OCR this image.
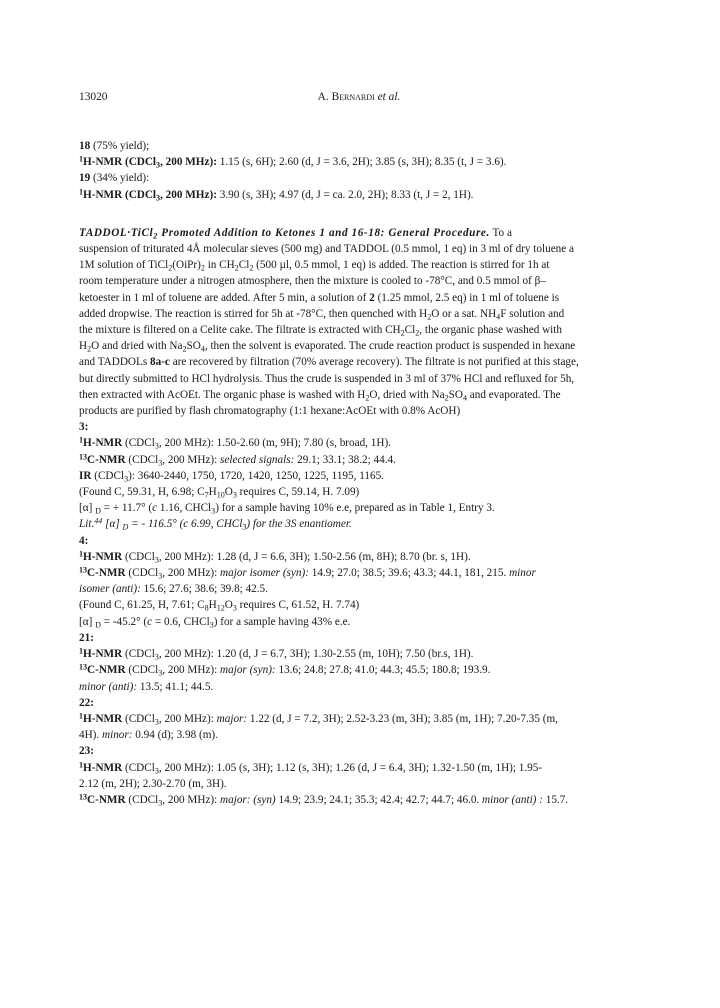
13020	A. Bernardi et al.
18 (75% yield);
$^1$H-NMR (CDCl$_3$, 200 MHz): 1.15 (s, 6H); 2.60 (d, J = 3.6, 2H); 3.85 (s, 3H); 8.35 (t, J = 3.6).
19 (34% yield):
$^1$H-NMR (CDCl$_3$, 200 MHz): 3.90 (s, 3H); 4.97 (d, J = ca. 2.0, 2H); 8.33 (t, J = 2, 1H).
TADDOL·TiCl$_2$ Promoted Addition to Ketones 1 and 16-18: General Procedure. To a
suspension of triturated 4Å molecular sieves (500 mg) and TADDOL (0.5 mmol, 1 eq) in 3 ml of dry toluene a
1M solution of $TiCl_2(OiPr)_2$ in $CH_2Cl_2$ (500 µl, 0.5 mmol, 1 eq) is added. The reaction is stirred for 1h at
room temperature under a nitrogen atmosphere, then the mixture is cooled to -78°C, and 0.5 mmol of β–
ketoester in 1 ml of toluene are added. After 5 min, a solution of 2 (1.25 mmol, 2.5 eq) in 1 ml of toluene is
added dropwise. The reaction is stirred for 5h at -78°C, then quenched with $H_2O$ or a sat. $NH_4F$ solution and
the mixture is filtered on a Celite cake. The filtrate is extracted with $CH_2Cl_2$, the organic phase washed with
$H_2O$ and dried with $Na_2SO_4$, then the solvent is evaporated. The crude reaction product is suspended in hexane
and TADDOLs 8a-c are recovered by filtration (70% average recovery). The filtrate is not purified at this stage,
but directly submitted to HCl hydrolysis. Thus the crude is suspended in 3 ml of 37% HCl and refluxed for 5h,
then extracted with AcOEt. The organic phase is washed with $H_2O$, dried with $Na_2SO_4$ and evaporated. The
products are purified by flash chromatography (1:1 hexane:AcOEt with 0.8% AcOH)
3:
$^1$H-NMR (CDCl$_3$, 200 MHz): 1.50-2.60 (m, 9H); 7.80 (s, broad, 1H).
$^{13}$C-NMR (CDCl$_3$, 200 MHz): selected signals: 29.1; 33.1; 38.2; 44.4.
IR (CDCl$_3$): 3640-2440, 1750, 1720, 1420, 1250, 1225, 1195, 1165.
(Found C, 59.31, H, 6.98; $C_7H_{10}O_3$ requires C, 59.14, H. 7.09)
[α] $_D$ = + 11.7° (c 1.16, CHCl$_3$) for a sample having 10% e.e, prepared as in Table 1, Entry 3.
Lit.$^{44}$ [α] $_D$ = - 116.5° (c 6.99, CHCl$_3$) for the 3S enantiomer.
4:
$^1$H-NMR (CDCl$_3$, 200 MHz): 1.28 (d, J = 6.6, 3H); 1.50-2.56 (m, 8H); 8.70 (br. s, 1H).
$^{13}$C-NMR (CDCl$_3$, 200 MHz): major isomer (syn): 14.9; 27.0; 38.5; 39.6; 43.3; 44.1, 181, 215. minor
isomer (anti): 15.6; 27.6; 38.6; 39.8; 42.5.
(Found C, 61.25, H, 7.61; $C_8H_{12}O_3$ requires C, 61.52, H. 7.74)
[α] $_D$ = -45.2° (c = 0.6, CHCl$_3$) for a sample having 43% e.e.
21:
$^1$H-NMR (CDCl$_3$, 200 MHz): 1.20 (d, J = 6.7, 3H); 1.30-2.55 (m, 10H); 7.50 (br.s, 1H).
$^{13}$C-NMR (CDCl$_3$, 200 MHz): major (syn): 13.6; 24.8; 27.8; 41.0; 44.3; 45.5; 180.8; 193.9.
minor (anti): 13.5; 41.1; 44.5.
22:
$^1$H-NMR (CDCl$_3$, 200 MHz): major: 1.22 (d, J = 7.2, 3H); 2.52-3.23 (m, 3H); 3.85 (m, 1H); 7.20-7.35 (m,
4H). minor: 0.94 (d); 3.98 (m).
23:
$^1$H-NMR (CDCl$_3$, 200 MHz): 1.05 (s, 3H); 1.12 (s, 3H); 1.26 (d, J = 6.4, 3H); 1.32-1.50 (m, 1H); 1.95-
2.12 (m, 2H); 2.30-2.70 (m, 3H).
$^{13}$C-NMR (CDCl$_3$, 200 MHz): major: (syn) 14.9; 23.9; 24.1; 35.3; 42.4; 42.7; 44.7; 46.0. minor (anti) : 15.7.
